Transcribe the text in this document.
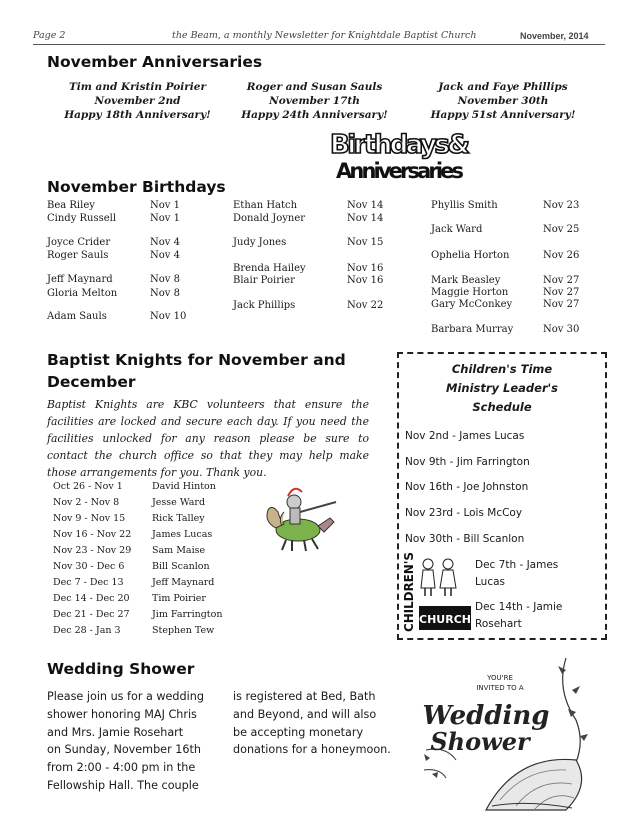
Page 2	the Beam, a monthly Newsletter for Knightdale Baptist Church	November, 2014
November Anniversaries
Tim and Kristin Poirier
November 2nd
Happy 18th Anniversary!
Roger and Susan Sauls
November 17th
Happy 24th Anniversary!
Jack and Faye Phillips
November 30th
Happy 51st Anniversary!
Birthdays&
Anniversaries
November Birthdays
Bea Riley	Nov 1
Cindy Russell	Nov 1
Joyce Crider	Nov 4
Roger Sauls	Nov 4
Jeff Maynard	Nov 8
Gloria Melton	Nov 8
Adam Sauls	Nov 10
Ethan Hatch	Nov 14
Donald Joyner	Nov 14
Judy Jones	Nov 15
Brenda Hailey	Nov 16
Blair Poirier	Nov 16
Jack Phillips	Nov 22
Phyllis Smith	Nov 23
Jack Ward	Nov 25
Ophelia Horton	Nov 26
Mark Beasley	Nov 27
Maggie Horton	Nov 27
Gary McConkey	Nov 27
Barbara Murray	Nov 30
Baptist Knights for November and
December
Baptist Knights are KBC volunteers that ensure the facilities are locked and secure each day. If you need the facilities unlocked for any reason please be sure to contact the church office so that they may help make those arrangements for you. Thank you.
Oct 26 - Nov 1	David Hinton
Nov 2 - Nov 8	Jesse Ward
Nov 9 - Nov 15	Rick Talley
Nov 16 - Nov 22 James Lucas
Nov 23 - Nov 29 Sam Maise
Nov 30 - Dec 6	Bill Scanlon
Dec 7 - Dec 13	Jeff Maynard
Dec 14 - Dec 20 Tim Poirier
Dec 21 - Dec 27 Jim Farrington
Dec 28 - Jan 3	Stephen Tew
Children's Time
Ministry Leader's
Schedule
Nov 2nd - James Lucas
Nov 9th - Jim Farrington
Nov 16th - Joe Johnston
Nov 23rd - Lois McCoy
Nov 30th - Bill Scanlon
Dec 7th - James
Lucas
Dec 14th - Jamie
Rosehart
CHILDREN'S
CHURCH
Wedding Shower
Please join us for a wedding
shower honoring MAJ Chris
and Mrs. Jamie Rosehart
on Sunday, November 16th
from 2:00 - 4:00 pm in the
Fellowship Hall. The couple
is registered at Bed, Bath
and Beyond, and will also
be accepting monetary
donations for a honeymoon.
YOU'RE
INVITED TO A
Wedding
Shower
